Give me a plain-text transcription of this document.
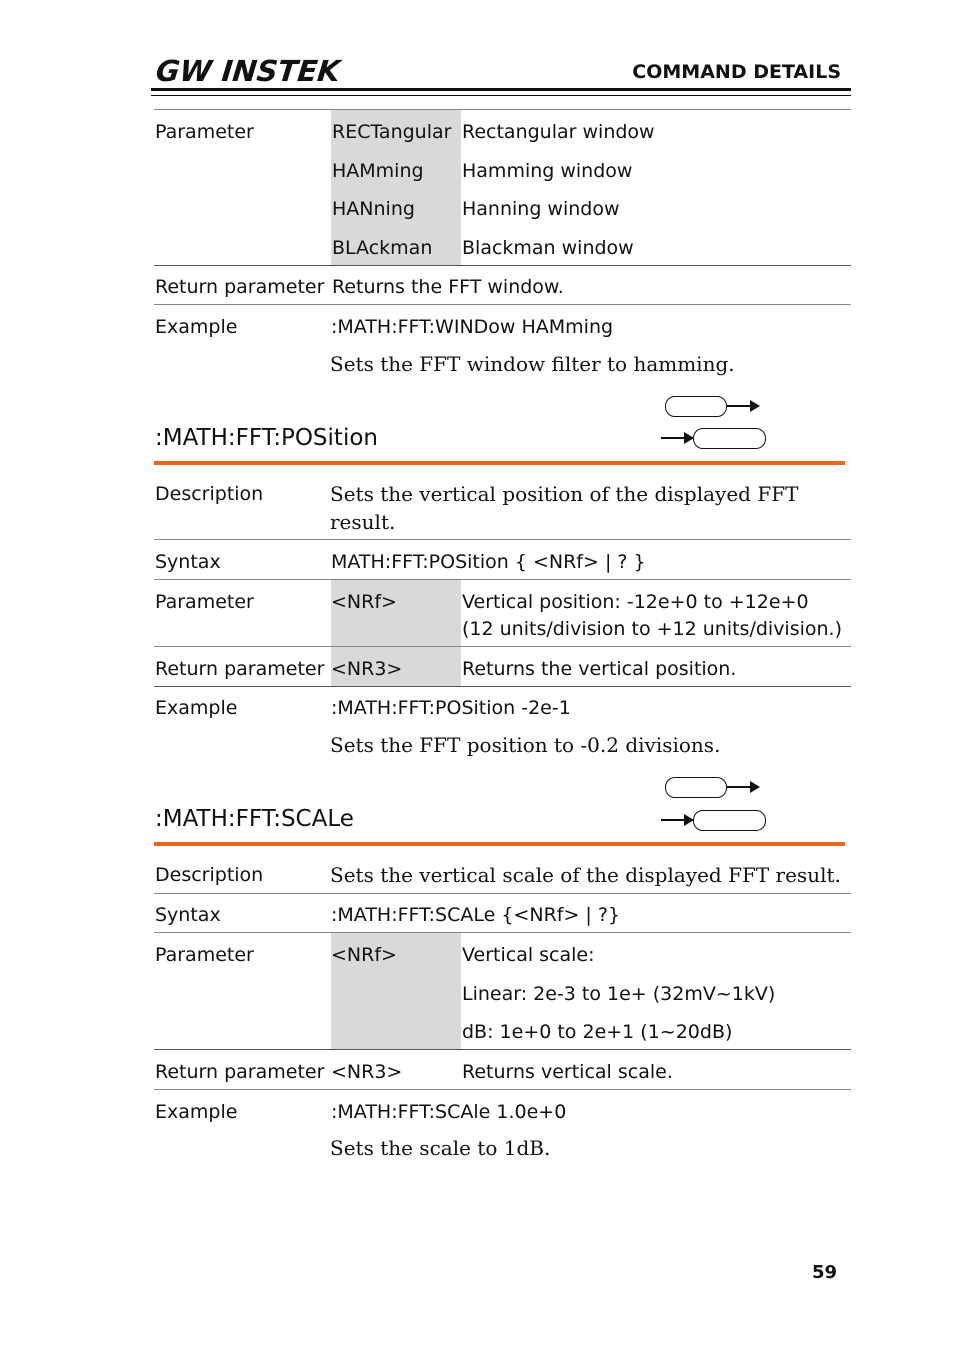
GW INSTEK	COMMAND DETAILS
Parameter	RECTangular Rectangular window
HAMming Hamming window
HANning Hanning window
BLAckman Blackman window
Return parameter Returns the FFT window.
Example	:MATH:FFT:WINDow HAMming
Sets the FFT window filter to hamming.
:MATH:FFT:POSition
Description	Sets the vertical position of the displayed FFT
result.
Syntax	MATH:FFT:POSition { <NRf> | ? }
Parameter	<NRf>	Vertical position: -12e+0 to +12e+0
(12 units/division to +12 units/division.)
Return parameter <NR3>	Returns the vertical position.
Example	:MATH:FFT:POSition -2e-1
Sets the FFT position to -0.2 divisions.
:MATH:FFT:SCALe
Description	Sets the vertical scale of the displayed FFT result.
Syntax	:MATH:FFT:SCALe {<NRf> | ?}
Parameter	<NRf>	Vertical scale:
Linear: 2e-3 to 1e+ (32mV~1kV)
dB: 1e+0 to 2e+1 (1~20dB)
Return parameter <NR3>	Returns vertical scale.
Example	:MATH:FFT:SCAle 1.0e+0
Sets the scale to 1dB.
59
